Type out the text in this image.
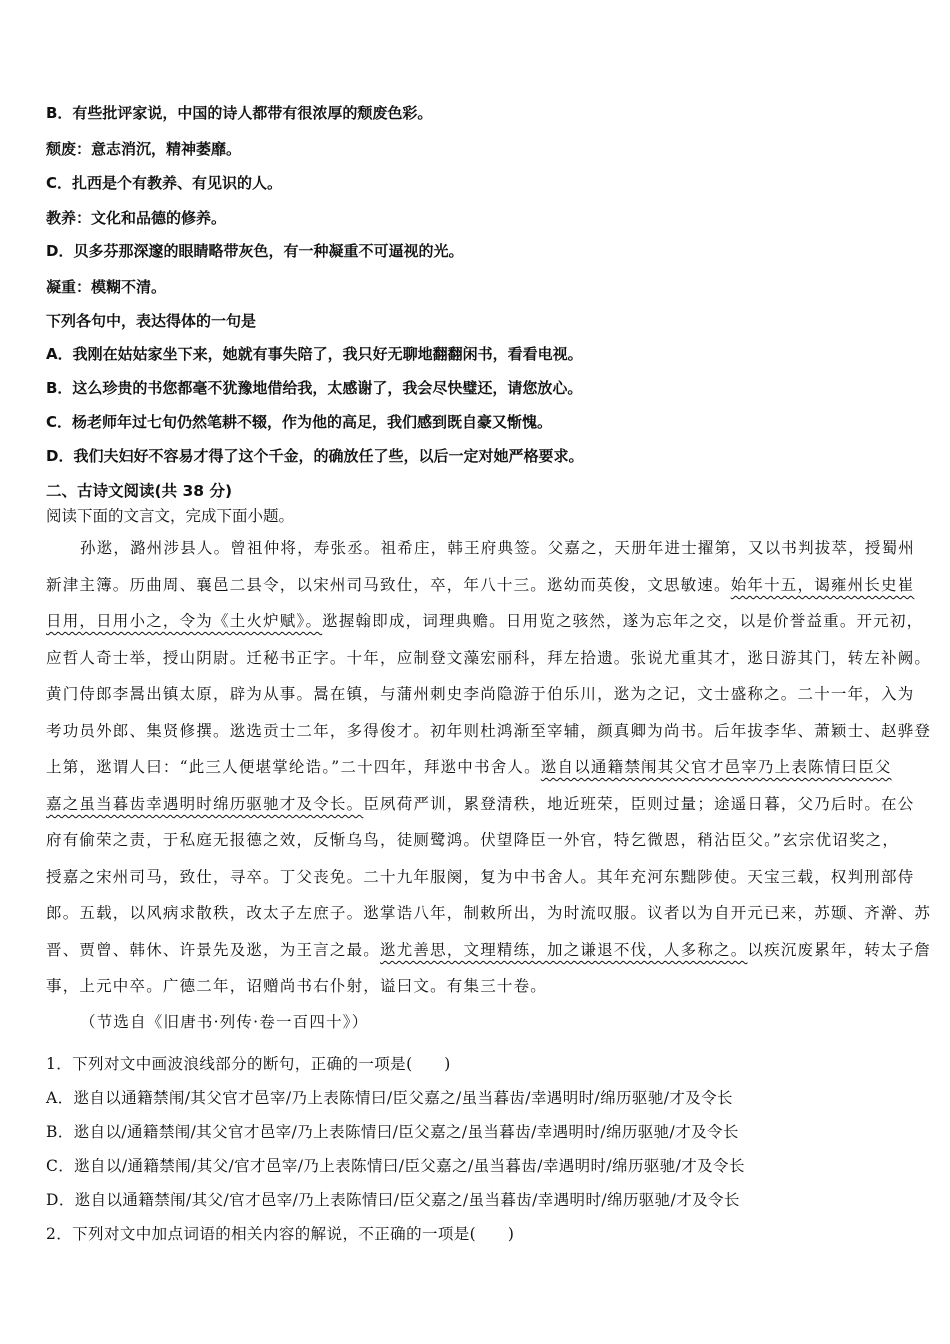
B．有些批评家说，中国的诗人都带有很浓厚的颓废色彩。
颓废：意志消沉，精神萎靡。
C．扎西是个有教养、有见识的人。
教养：文化和品德的修养。
D．贝多芬那深邃的眼睛略带灰色，有一种凝重不可逼视的光。
凝重：模糊不清。
下列各句中，表达得体的一句是
A．我刚在姑姑家坐下来，她就有事失陪了，我只好无聊地翻翻闲书，看看电视。
B．这么珍贵的书您都毫不犹豫地借给我，太感谢了，我会尽快璧还，请您放心。
C．杨老师年过七旬仍然笔耕不辍，作为他的高足，我们感到既自豪又惭愧。
D．我们夫妇好不容易才得了这个千金，的确放任了些，以后一定对她严格要求。
二、古诗文阅读(共 38 分)
阅读下面的文言文，完成下面小题。
孙逖，潞州涉县人。曾祖仲将，寿张丞。祖希庄，韩王府典签。父嘉之，天册年进士擢第，又以书判拔萃，授蜀州
新津主簿。历曲周、襄邑二县令，以宋州司马致仕，卒，年八十三。逖幼而英俊，文思敏速。始年十五，谒雍州长史崔
日用，日用小之，令为《土火炉赋》。逖握翰即成，词理典赡。日用览之骇然，遂为忘年之交，以是价誉益重。开元初，
应哲人奇士举，授山阴尉。迁秘书正字。十年，应制登文藻宏丽科，拜左拾遗。张说尤重其才，逖日游其门，转左补阙。
黄门侍郎李暠出镇太原，辟为从事。暠在镇，与蒲州刺史李尚隐游于伯乐川，逖为之记，文士盛称之。二十一年，入为
考功员外郎、集贤修撰。逖选贡士二年，多得俊才。初年则杜鸿渐至宰辅，颜真卿为尚书。后年拔李华、萧颖士、赵骅登
上第，逖谓人曰：“此三人便堪掌纶诰。”二十四年，拜逖中书舍人。逖自以通籍禁闱其父官才邑宰乃上表陈情曰臣父
嘉之虽当暮齿幸遇明时绵历驱驰才及令长。臣夙荷严训，累登清秩，地近班荣，臣则过量；途遥日暮，父乃后时。在公
府有偷荣之责，于私庭无报德之效，反惭乌鸟，徒厕鹭鸿。伏望降臣一外官，特乞微恩，稍沾臣父。”玄宗优诏奖之，
授嘉之宋州司马，致仕，寻卒。丁父丧免。二十九年服阕，复为中书舍人。其年充河东黜陟使。天宝三载，权判刑部侍
郎。五载，以风病求散秩，改太子左庶子。逖掌诰八年，制敕所出，为时流叹服。议者以为自开元已来，苏颋、齐澣、苏
晋、贾曾、韩休、许景先及逖，为王言之最。逖尤善思，文理精练，加之谦退不伐，人多称之。以疾沉废累年，转太子詹
事，上元中卒。广德二年，诏赠尚书右仆射，谥曰文。有集三十卷。
（节选自《旧唐书·列传·卷一百四十》）
1．下列对文中画波浪线部分的断句，正确的一项是(　　)
A．逖自以通籍禁闱/其父官才邑宰/乃上表陈情曰/臣父嘉之/虽当暮齿/幸遇明时/绵历驱驰/才及令长
B．逖自以/通籍禁闱/其父官才邑宰/乃上表陈情曰/臣父嘉之/虽当暮齿/幸遇明时/绵历驱驰/才及令长
C．逖自以/通籍禁闱/其父/官才邑宰/乃上表陈情曰/臣父嘉之/虽当暮齿/幸遇明时/绵历驱驰/才及令长
D．逖自以通籍禁闱/其父/官才邑宰/乃上表陈情曰/臣父嘉之/虽当暮齿/幸遇明时/绵历驱驰/才及令长
2．下列对文中加点词语的相关内容的解说，不正确的一项是(　　)
